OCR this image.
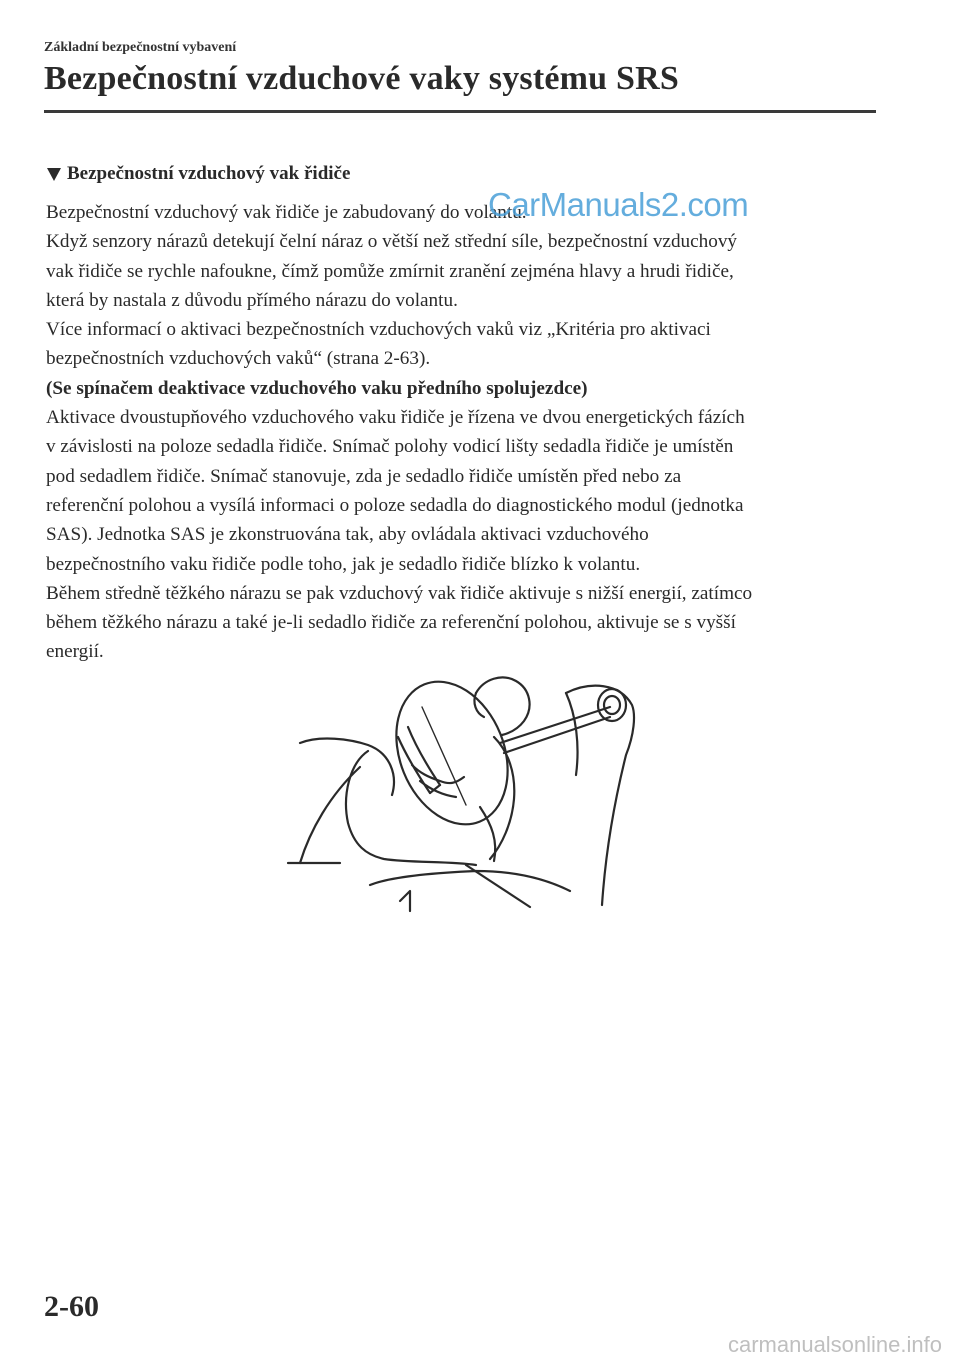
Základní bezpečnostní vybavení
Bezpečnostní vzduchové vaky systému SRS
Bezpečnostní vzduchový vak řidiče

Bezpečnostní vzduchový vak řidiče je zabudovaný do volantu.

Když senzory nárazů detekují čelní náraz o větší než střední síle, bezpečnostní vzduchový

vak řidiče se rychle nafoukne, čímž pomůže zmírnit zranění zejména hlavy a hrudi řidiče,

která by nastala z důvodu přímého nárazu do volantu.

Více informací o aktivaci bezpečnostních vzduchových vaků viz „Kritéria pro aktivaci

bezpečnostních vzduchových vaků“ (strana 2-63).

(Se spínačem deaktivace vzduchového vaku předního spolujezdce)

Aktivace dvoustupňového vzduchového vaku řidiče je řízena ve dvou energetických fázích

v závislosti na poloze sedadla řidiče. Snímač polohy vodicí lišty sedadla řidiče je umístěn

pod sedadlem řidiče. Snímač stanovuje, zda je sedadlo řidiče umístěn před nebo za

referenční polohou a vysílá informaci o poloze sedadla do diagnostického modul (jednotka

SAS). Jednotka SAS je zkonstruována tak, aby ovládala aktivaci vzduchového

bezpečnostního vaku řidiče podle toho, jak je sedadlo řidiče blízko k volantu.

Během středně těžkého nárazu se pak vzduchový vak řidiče aktivuje s nižší energií, zatímco

během těžkého nárazu a také je-li sedadlo řidiče za referenční polohou, aktivuje se s vyšší

energií.

CarManuals2.com
2-60
carmanualsonline.info
